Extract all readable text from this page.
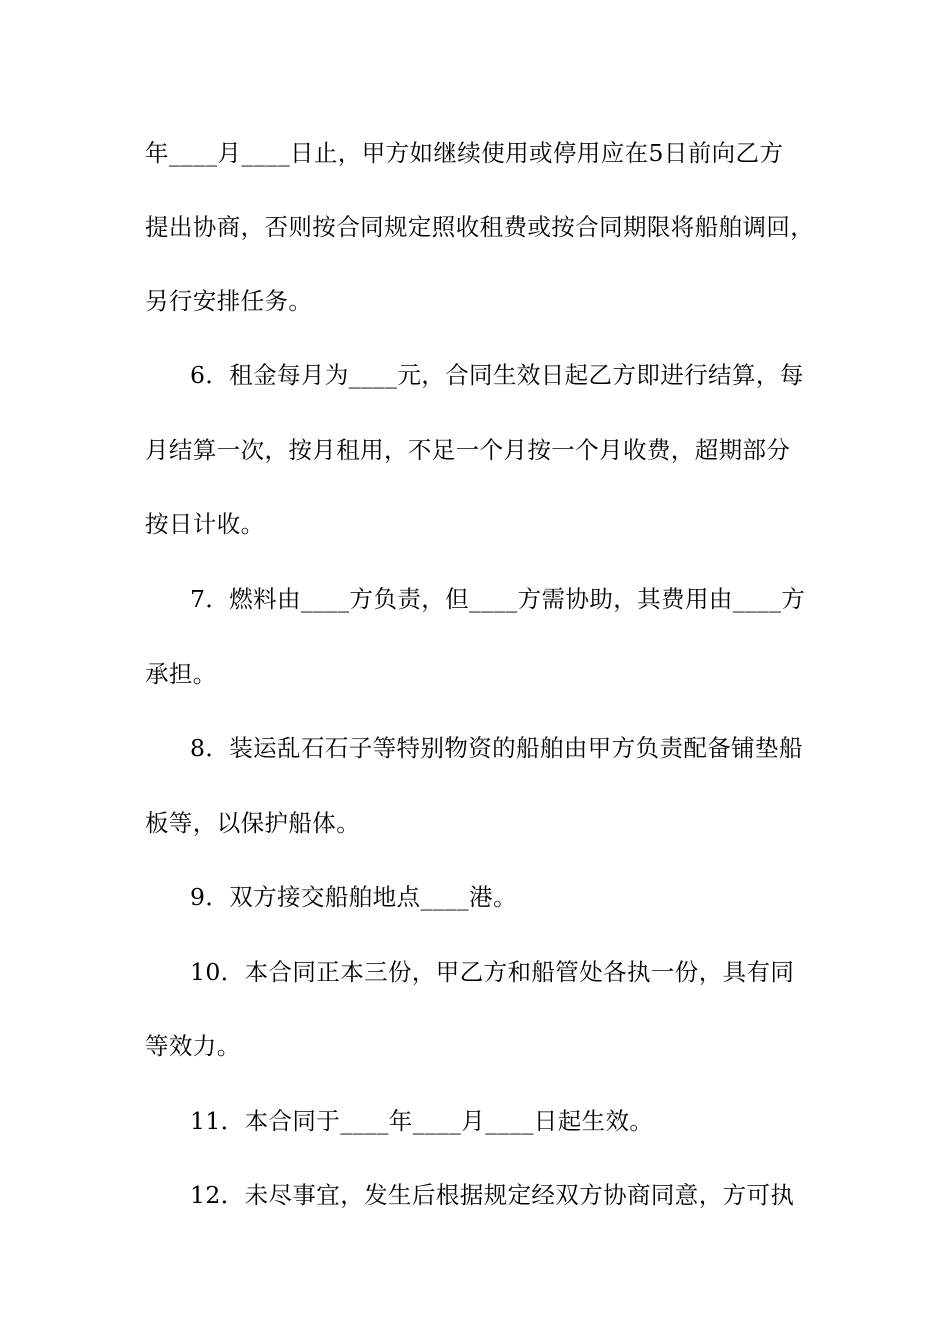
年____月____日止，甲方如继续使用或停用应在5日前向乙方
提出协商，否则按合同规定照收租费或按合同期限将船舶调回，
另行安排任务。
6．租金每月为____元，合同生效日起乙方即进行结算，每
月结算一次，按月租用，不足一个月按一个月收费，超期部分
按日计收。
7．燃料由____方负责，但____方需协助，其费用由____方
承担。
8．装运乱石石子等特别物资的船舶由甲方负责配备铺垫船
板等，以保护船体。
9．双方接交船舶地点____港。
10．本合同正本三份，甲乙方和船管处各执一份，具有同
等效力。
11．本合同于____年____月____日起生效。
12．未尽事宜，发生后根据规定经双方协商同意，方可执
